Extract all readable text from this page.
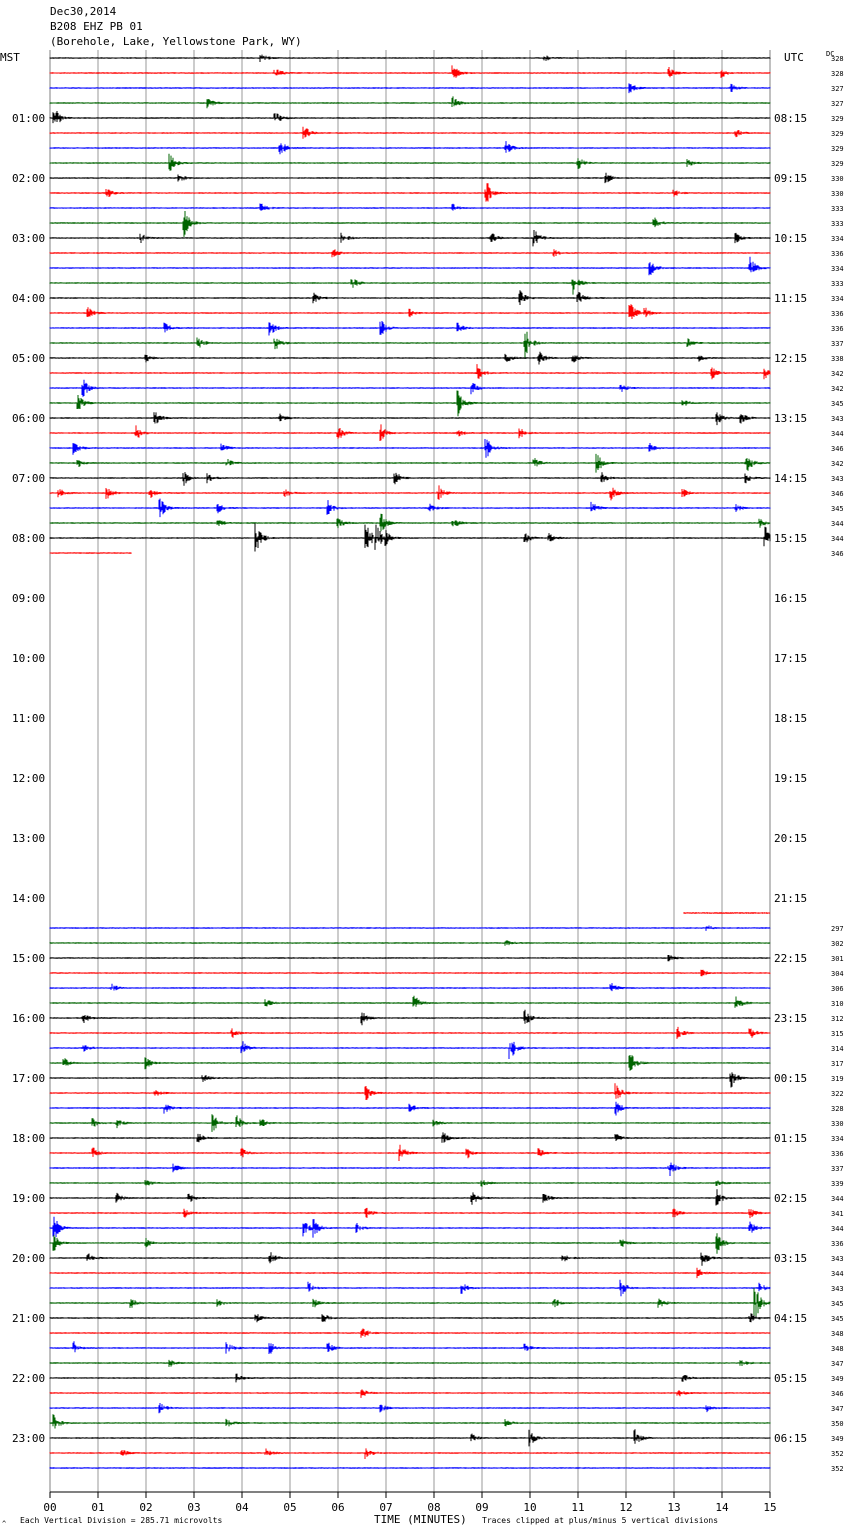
Dec30,2014
B208 EHZ PB 01
(Borehole, Lake, Yellowstone Park, WY)
MST	UTC	DC
01:00
02:00
03:00
04:00
05:00
06:00
07:00
08:00
09:00
10:00
11:00
12:00
13:00
14:00
15:00
16:00
17:00
18:00
19:00
20:00
21:00
22:00
23:00
08:15
09:15
10:15
11:15
12:15
13:15
14:15
15:15
16:15
17:15
18:15
19:15
20:15
21:15
22:15
23:15
00:15
01:15
02:15
03:15
04:15
05:15
06:15
328
328
327
327
329
329
329
329
330
330
333
333
334
336
334
333
334
336
336
337
338
342
342
345
343
344
346
342
343
346
345
344
344
346
297
302
301
304
306
310
312
315
314
317
319
322
328
330
334
336
337
339
344
341
344
336
343
344
343
345
345
348
348
347
349
346
347
350
349
352
352
00	01	02	03	04	05	06	07	08	09	10	11	12	13	14	15
^ Each Vertical Division = 285.71 microvolts	TIME (MINUTES) Traces clipped at plus/minus 5 vertical divisions
